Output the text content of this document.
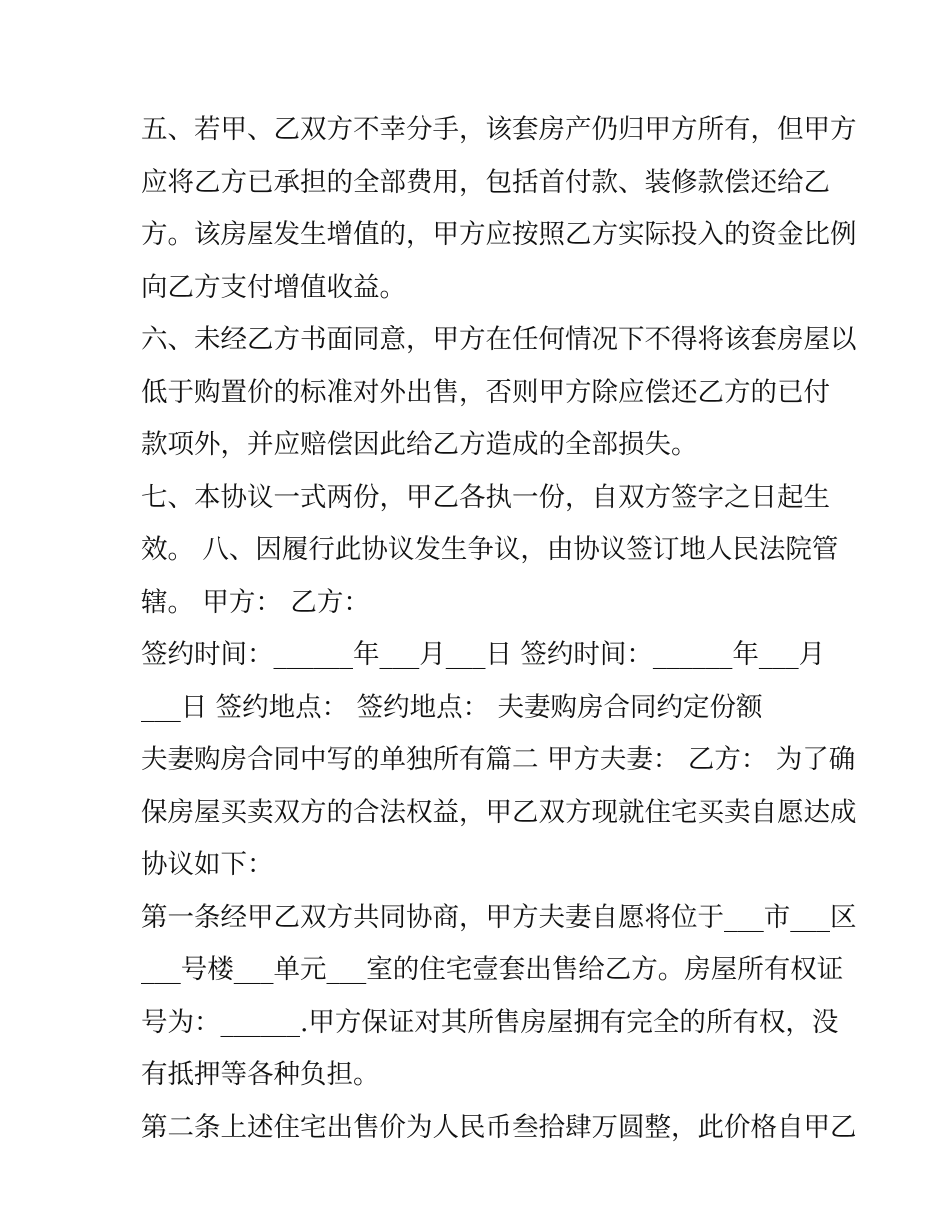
五、若甲、乙双方不幸分手，该套房产仍归甲方所有，但甲方
应将乙方已承担的全部费用，包括首付款、装修款偿还给乙
方。该房屋发生增值的，甲方应按照乙方实际投入的资金比例
向乙方支付增值收益。
六、未经乙方书面同意，甲方在任何情况下不得将该套房屋以
低于购置价的标准对外出售，否则甲方除应偿还乙方的已付
款项外，并应赔偿因此给乙方造成的全部损失。
七、本协议一式两份，甲乙各执一份，自双方签字之日起生
效。 八、因履行此协议发生争议，由协议签订地人民法院管
辖。 甲方： 乙方：
签约时间：______年___月___日 签约时间：______年___月
___日 签约地点： 签约地点： 夫妻购房合同约定份额
夫妻购房合同中写的单独所有篇二 甲方夫妻： 乙方： 为了确
保房屋买卖双方的合法权益，甲乙双方现就住宅买卖自愿达成
协议如下：
第一条经甲乙双方共同协商，甲方夫妻自愿将位于___市___区
___号楼___单元___室的住宅壹套出售给乙方。房屋所有权证
号为：______.甲方保证对其所售房屋拥有完全的所有权，没
有抵押等各种负担。
第二条上述住宅出售价为人民币叁拾肆万圆整，此价格自甲乙
